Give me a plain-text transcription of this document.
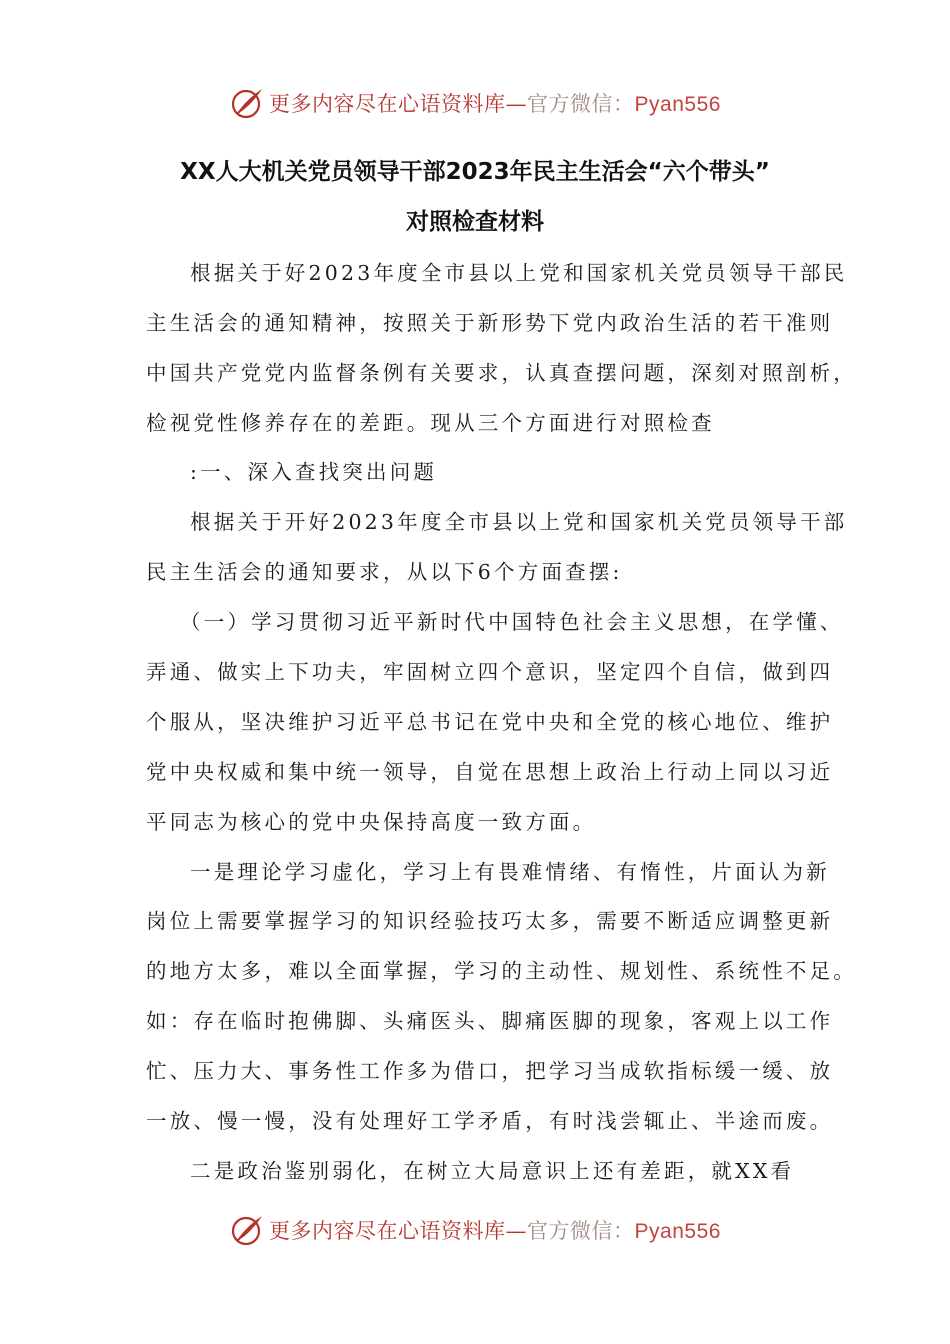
更多内容尽在心语资料库—官方微信：Pyan556
XX人大机关党员领导干部2023年民主生活会“六个带头”
对照检查材料
根据关于好2023年度全市县以上党和国家机关党员领导干部民
主生活会的通知精神，按照关于新形势下党内政治生活的若干准则
中国共产党党内监督条例有关要求，认真查摆问题，深刻对照剖析，
检视党性修养存在的差距。现从三个方面进行对照检查
:一、深入查找突出问题
根据关于开好2023年度全市县以上党和国家机关党员领导干部
民主生活会的通知要求，从以下6个方面查摆:
（一）学习贯彻习近平新时代中国特色社会主义思想，在学懂、
弄通、做实上下功夫，牢固树立四个意识，坚定四个自信，做到四
个服从，坚决维护习近平总书记在党中央和全党的核心地位、维护
党中央权威和集中统一领导，自觉在思想上政治上行动上同以习近
平同志为核心的党中央保持高度一致方面。
一是理论学习虚化，学习上有畏难情绪、有惰性，片面认为新
岗位上需要掌握学习的知识经验技巧太多，需要不断适应调整更新
的地方太多，难以全面掌握，学习的主动性、规划性、系统性不足。
如：存在临时抱佛脚、头痛医头、脚痛医脚的现象，客观上以工作
忙、压力大、事务性工作多为借口，把学习当成软指标缓一缓、放
一放、慢一慢，没有处理好工学矛盾，有时浅尝辄止、半途而废。
二是政治鉴别弱化，在树立大局意识上还有差距，就XX看
更多内容尽在心语资料库—官方微信：Pyan556
